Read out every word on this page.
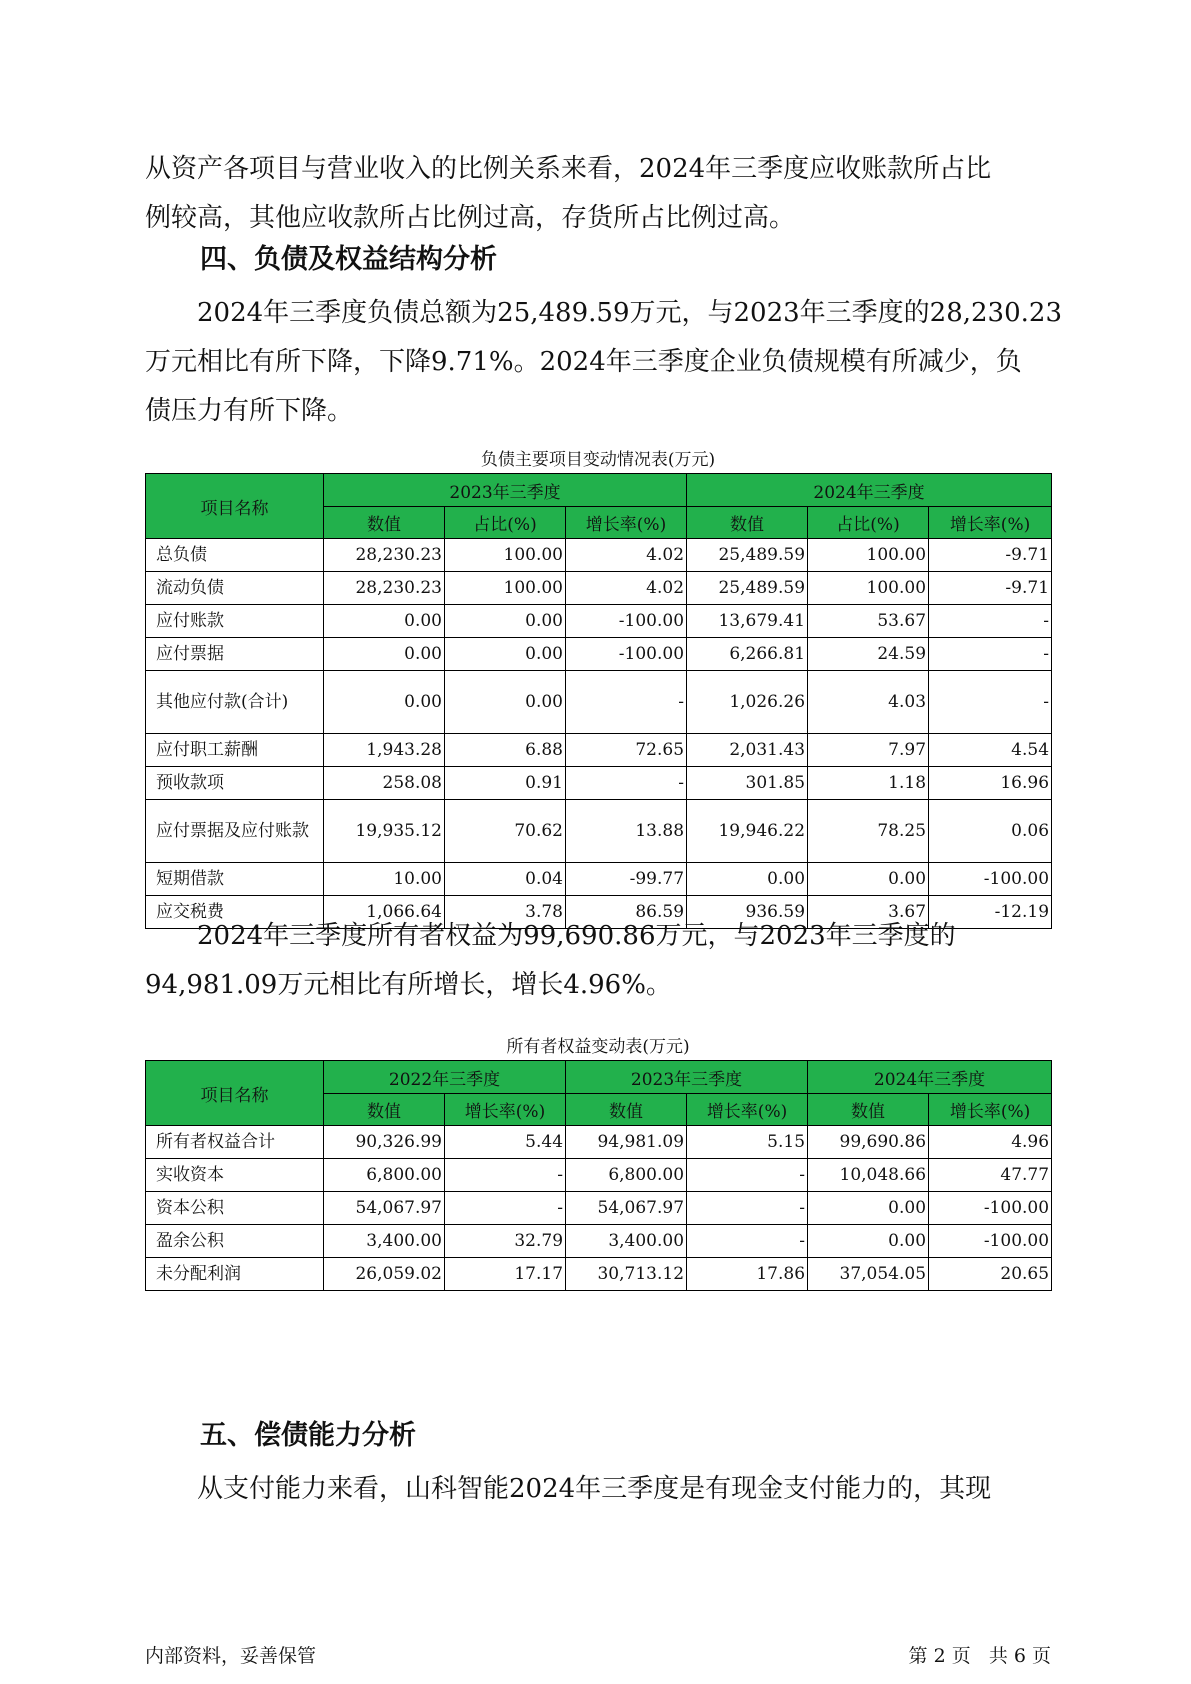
从资产各项目与营业收入的比例关系来看，2024年三季度应收账款所占比
例较高，其他应收款所占比例过高，存货所占比例过高。

四、负债及权益结构分析

2024年三季度负债总额为25,489.59万元，与2023年三季度的28,230.23
万元相比有所下降，下降9.71%。2024年三季度企业负债规模有所减少，负
债压力有所下降。

负债主要项目变动情况表(万元)

项目名称	2023年三季度			2024年三季度		
	数值	占比(%)	增长率(%)	数值	占比(%)	增长率(%)
总负债	28,230.23	100.00	4.02	25,489.59	100.00	-9.71
流动负债	28,230.23	100.00	4.02	25,489.59	100.00	-9.71
应付账款	0.00	0.00	-100.00	13,679.41	53.67	-
应付票据	0.00	0.00	-100.00	6,266.81	24.59	-
其他应付款(合计)	0.00	0.00	-	1,026.26	4.03	-
应付职工薪酬	1,943.28	6.88	72.65	2,031.43	7.97	4.54
预收款项	258.08	0.91	-	301.85	1.18	16.96
应付票据及应付账款	19,935.12	70.62	13.88	19,946.22	78.25	0.06
短期借款	10.00	0.04	-99.77	0.00	0.00	-100.00
应交税费	1,066.64	3.78	86.59	936.59	3.67	-12.19

2024年三季度所有者权益为99,690.86万元，与2023年三季度的
94,981.09万元相比有所增长，增长4.96%。

所有者权益变动表(万元)

项目名称	2022年三季度		2023年三季度		2024年三季度	
	数值	增长率(%)	数值	增长率(%)	数值	增长率(%)
所有者权益合计	90,326.99	5.44	94,981.09	5.15	99,690.86	4.96
实收资本	6,800.00	-	6,800.00	-	10,048.66	47.77
资本公积	54,067.97	-	54,067.97	-	0.00	-100.00
盈余公积	3,400.00	32.79	3,400.00	-	0.00	-100.00
未分配利润	26,059.02	17.17	30,713.12	17.86	37,054.05	20.65
五、偿债能力分析

从支付能力来看，山科智能2024年三季度是有现金支付能力的，其现

内部资料，妥善保管	第 2 页   共 6 页
